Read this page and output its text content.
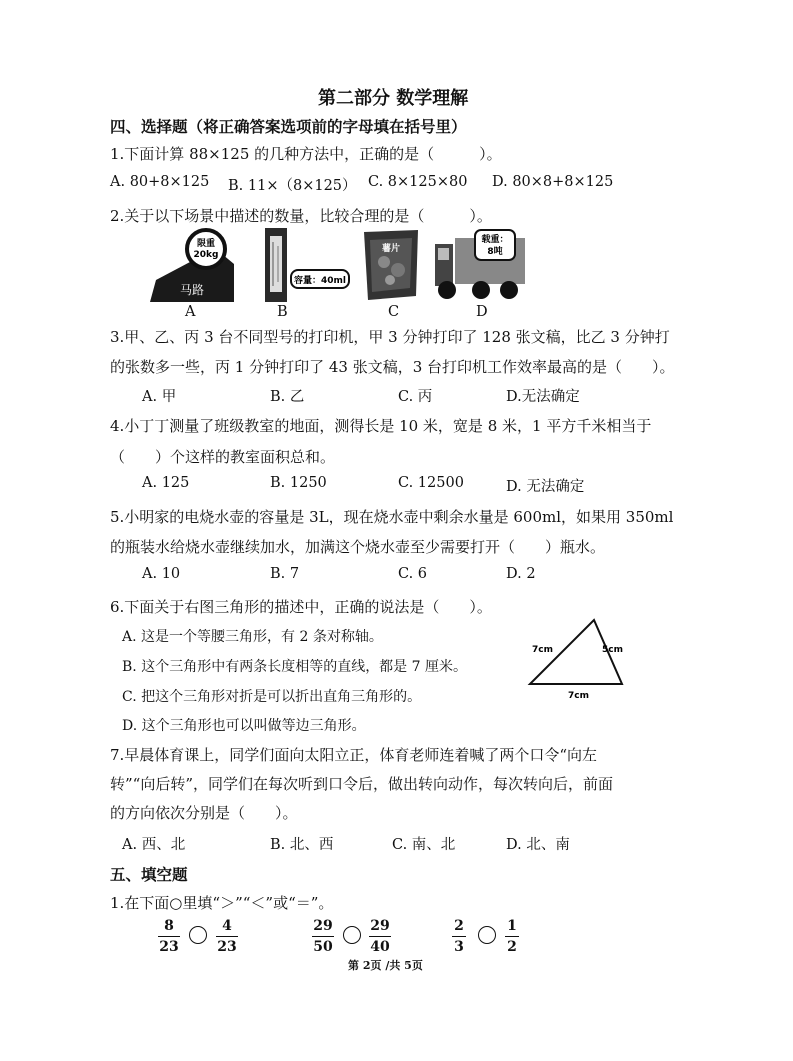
第二部分 数学理解
四、选择题（将正确答案选项前的字母填在括号里）
1.下面计算 88×125 的几种方法中，正确的是（　　　）。
A. 80+8×125 B. 11×（8×125） C. 8×125×80 D. 80×8+8×125
2.关于以下场景中描述的数量，比较合理的是（　　　）。
限重
20kg
马路
容量：40ml
薯片
载重：
8吨
A	B	C	D
3.甲、乙、丙 3 台不同型号的打印机，甲 3 分钟打印了 128 张文稿，比乙 3 分钟打
的张数多一些，丙 1 分钟打印了 43 张文稿，3 台打印机工作效率最高的是（　　）。
A. 甲	B. 乙	C. 丙	D.无法确定
4.小丁丁测量了班级教室的地面，测得长是 10 米，宽是 8 米，1 平方千米相当于
（　　）个这样的教室面积总和。
A. 125	B. 1250	C. 12500	D. 无法确定
5.小明家的电烧水壶的容量是 3L，现在烧水壶中剩余水量是 600ml，如果用 350ml
的瓶装水给烧水壶继续加水，加满这个烧水壶至少需要打开（　　）瓶水。
A. 10	B. 7	C. 6	D. 2
6.下面关于右图三角形的描述中，正确的说法是（　　）。
A. 这是一个等腰三角形，有 2 条对称轴。
B. 这个三角形中有两条长度相等的直线，都是 7 厘米。
C. 把这个三角形对折是可以折出直角三角形的。
D. 这个三角形也可以叫做等边三角形。
7cm	5cm
7cm
7.早晨体育课上，同学们面向太阳立正，体育老师连着喊了两个口令“向左
转”“向后转”，同学们在每次听到口令后，做出转向动作，每次转向后，前面
的方向依次分别是（　　）。
A. 西、北	B. 北、西	C. 南、北	D. 北、南
五、填空题
1.在下面○里填“＞”“＜”或“＝”。
8
23
4
23
29
50
29
40
2
3
1
2
第 2页 /共 5页
